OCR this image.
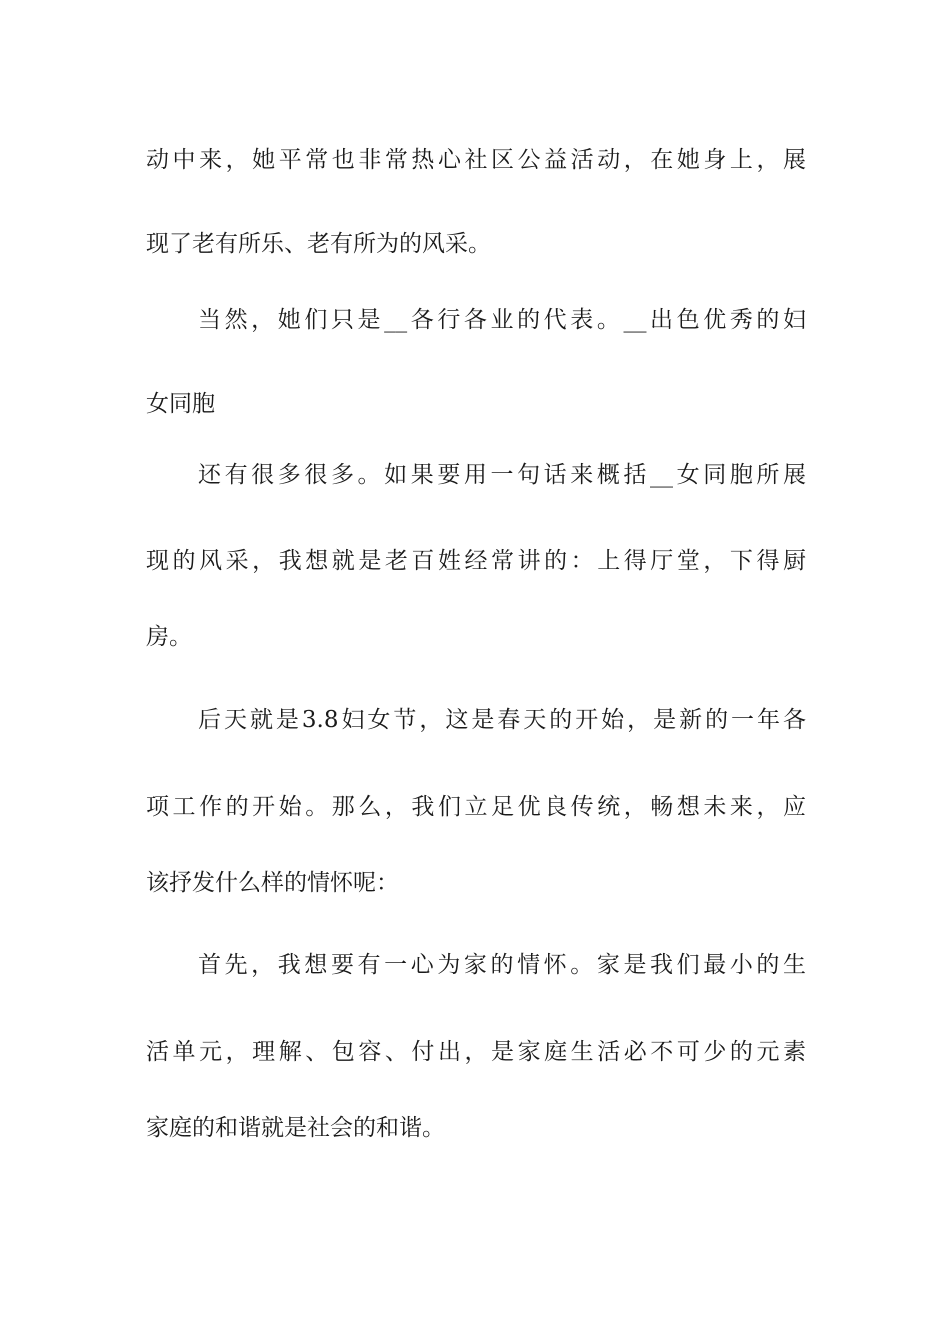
动中来，她平常也非常热心社区公益活动，在她身上，展
现了老有所乐、老有所为的风采。
当然，她们只是__各行各业的代表。__出色优秀的妇
女同胞
还有很多很多。如果要用一句话来概括__女同胞所展
现的风采，我想就是老百姓经常讲的：上得厅堂，下得厨
房。
后天就是3.8妇女节，这是春天的开始，是新的一年各
项工作的开始。那么，我们立足优良传统，畅想未来，应
该抒发什么样的情怀呢：
首先，我想要有一心为家的情怀。家是我们最小的生
活单元，理解、包容、付出，是家庭生活必不可少的元素
家庭的和谐就是社会的和谐。
